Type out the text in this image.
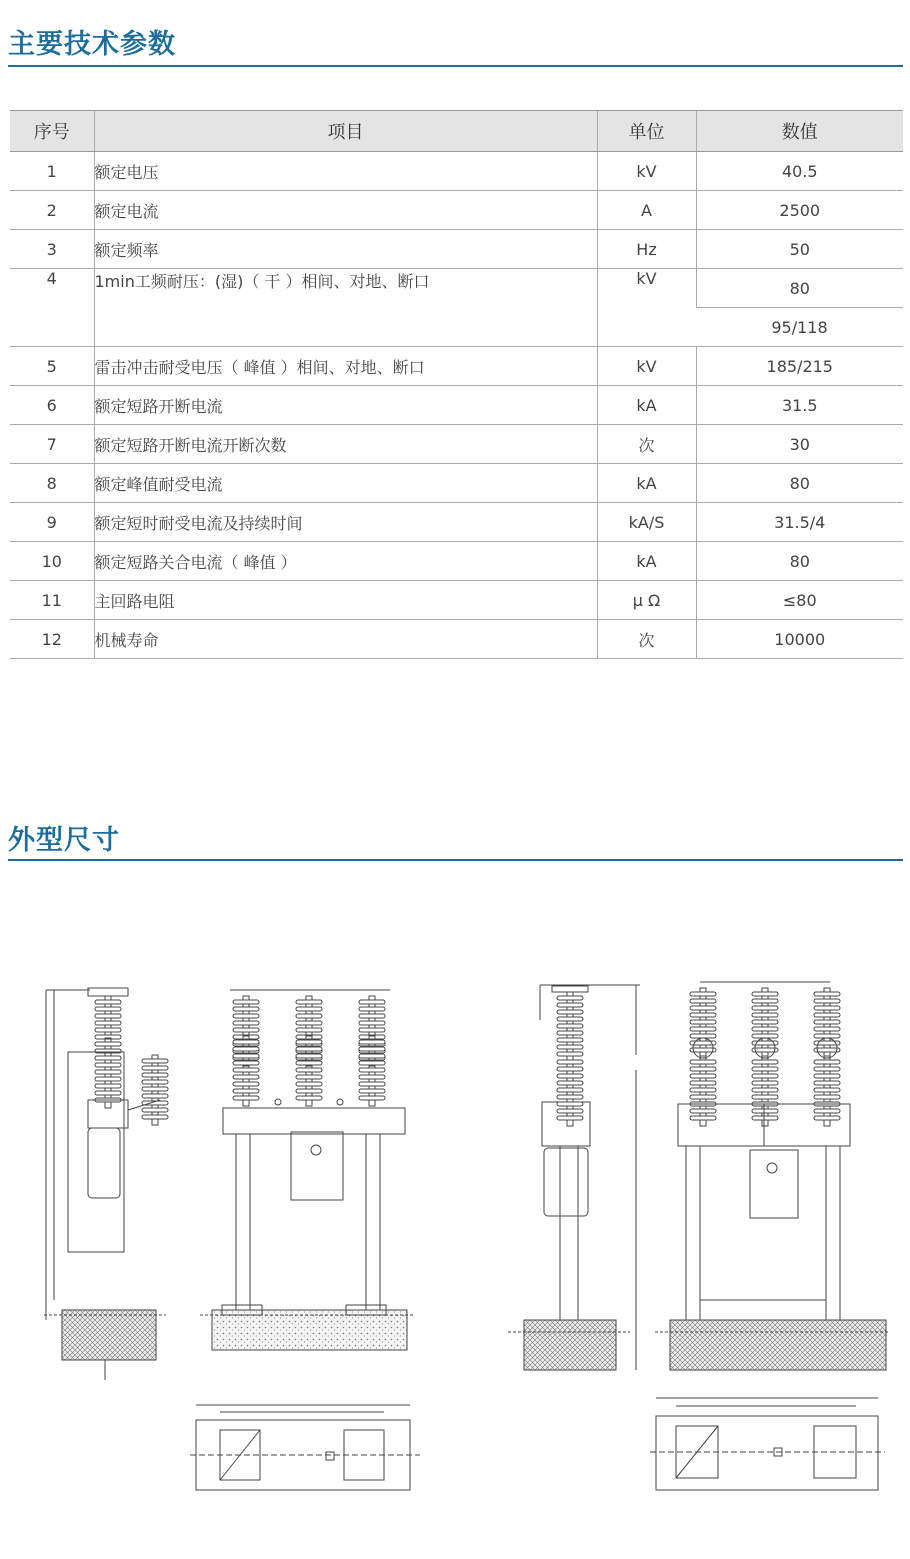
主要技术参数
序号	项目	单位	数值
1	额定电压	kV	40.5
2	额定电流	A	2500
3	额定频率	Hz	50
4	1min工频耐压：(湿)（ 干 ）相间、对地、断口	kV	80
			95/118
5	雷击冲击耐受电压（ 峰值 ）相间、对地、断口	kV	185/215
6	额定短路开断电流	kA	31.5
7	额定短路开断电流开断次数	次	30
8	额定峰值耐受电流	kA	80
9	额定短时耐受电流及持续时间	kA/S	31.5/4
10	额定短路关合电流（ 峰值 ）	kA	80
11	主回路电阻	μ Ω	≤80
12	机械寿命	次	10000
外型尺寸
